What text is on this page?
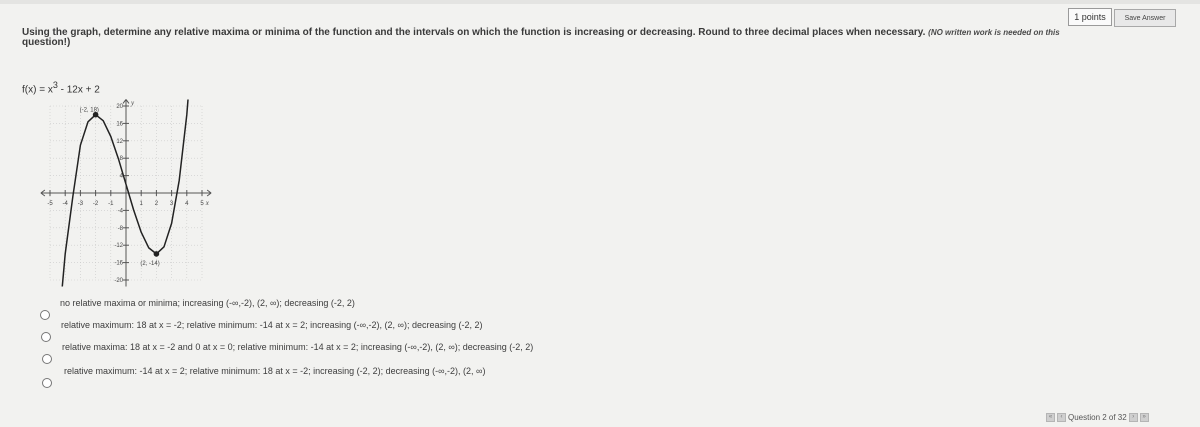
1 points	Save Answer
Using the graph, determine any relative maxima or minima of the function and the intervals on which the function is increasing or decreasing. Round to three decimal places when necessary. (NO written work is needed on this
question!)
$f(x) = x^3 - 12x + 2$
-5 -4 -3 -2 -1	1 2 3 4 5
20
16
12
8
4
-4
-8
-12
-16
-20
y
x
(-2, 18)
(2, -14)
no relative maxima or minima; increasing (-∞,-2), (2, ∞); decreasing (-2, 2)
relative maximum: 18 at x = -2; relative minimum: -14 at x = 2; increasing (-∞,-2), (2, ∞); decreasing (-2, 2)
relative maxima: 18 at x = -2 and 0 at x = 0; relative minimum: -14 at x = 2; increasing (-∞,-2), (2, ∞); decreasing (-2, 2)
relative maximum: -14 at x = 2; relative minimum: 18 at x = -2; increasing (-2, 2); decreasing (-∞,-2), (2, ∞)
«	‹ Question 2 of 32 ›	»
